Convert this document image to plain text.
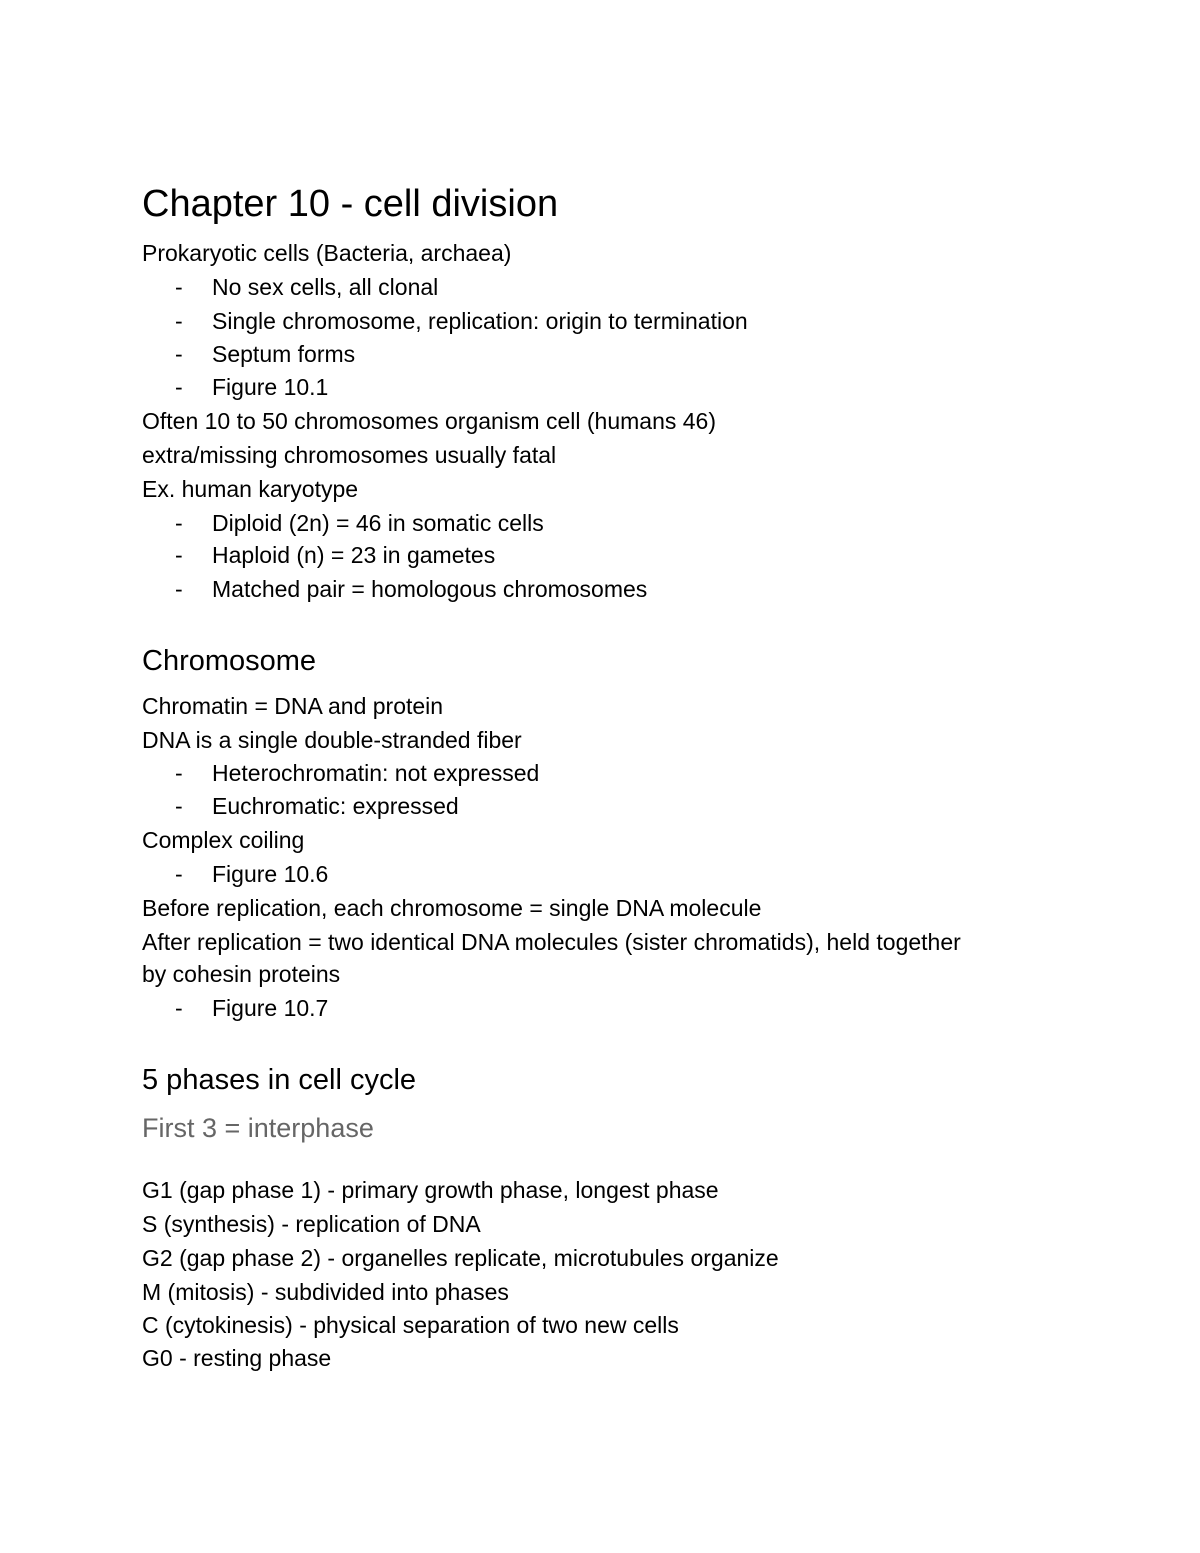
Chapter 10 - cell division

Prokaryotic cells (Bacteria, archaea)

- No sex cells, all clonal
- Single chromosome, replication: origin to termination
- Septum forms
- Figure 10.1

Often 10 to 50 chromosomes organism cell (humans 46)

extra/missing chromosomes usually fatal

Ex. human karyotype

- Diploid (2n) = 46 in somatic cells
- Haploid (n) = 23 in gametes
- Matched pair = homologous chromosomes
Chromosome

Chromatin = DNA and protein

DNA is a single double-stranded fiber

- Heterochromatin: not expressed
- Euchromatic: expressed

Complex coiling

- Figure 10.6

Before replication, each chromosome = single DNA molecule

After replication = two identical DNA molecules (sister chromatids), held together

by cohesin proteins

- Figure 10.7
5 phases in cell cycle
First 3 = interphase

G1 (gap phase 1) - primary growth phase, longest phase

S (synthesis) - replication of DNA

G2 (gap phase 2) - organelles replicate, microtubules organize

M (mitosis) - subdivided into phases

C (cytokinesis) - physical separation of two new cells

G0 - resting phase
